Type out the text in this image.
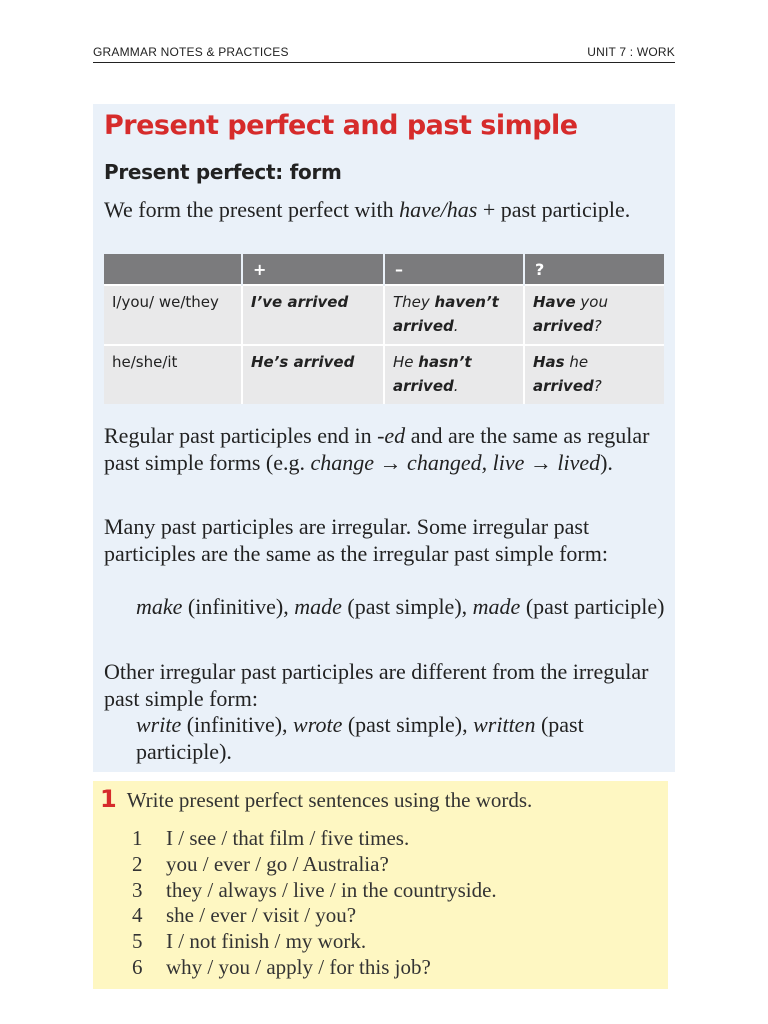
GRAMMAR NOTES & PRACTICES	UNIT 7 : WORK
Present perfect and past simple
Present perfect: form

We form the present perfect with have/has + past participle.

	+	–	?
I/you/ we/they	I’ve arrived	They haven’t arrived.	Have you arrived?
he/she/it	He’s arrived	He hasn’t arrived.	Has he arrived?

Regular past participles end in -ed and are the same as regular past simple forms (e.g. change → changed, live → lived).

Many past participles are irregular. Some irregular past participles are the same as the irregular past simple form:

make (infinitive), made (past simple), made (past participle)

Other irregular past participles are different from the irregular past simple form:

write (infinitive), wrote (past simple), written (past participle).

1 Write present perfect sentences using the words.

1 I / see / that film / five times.
2 you / ever / go / Australia?
3 they / always / live / in the countryside.
4 she / ever / visit / you?
5 I / not finish / my work.
6 why / you / apply / for this job?
